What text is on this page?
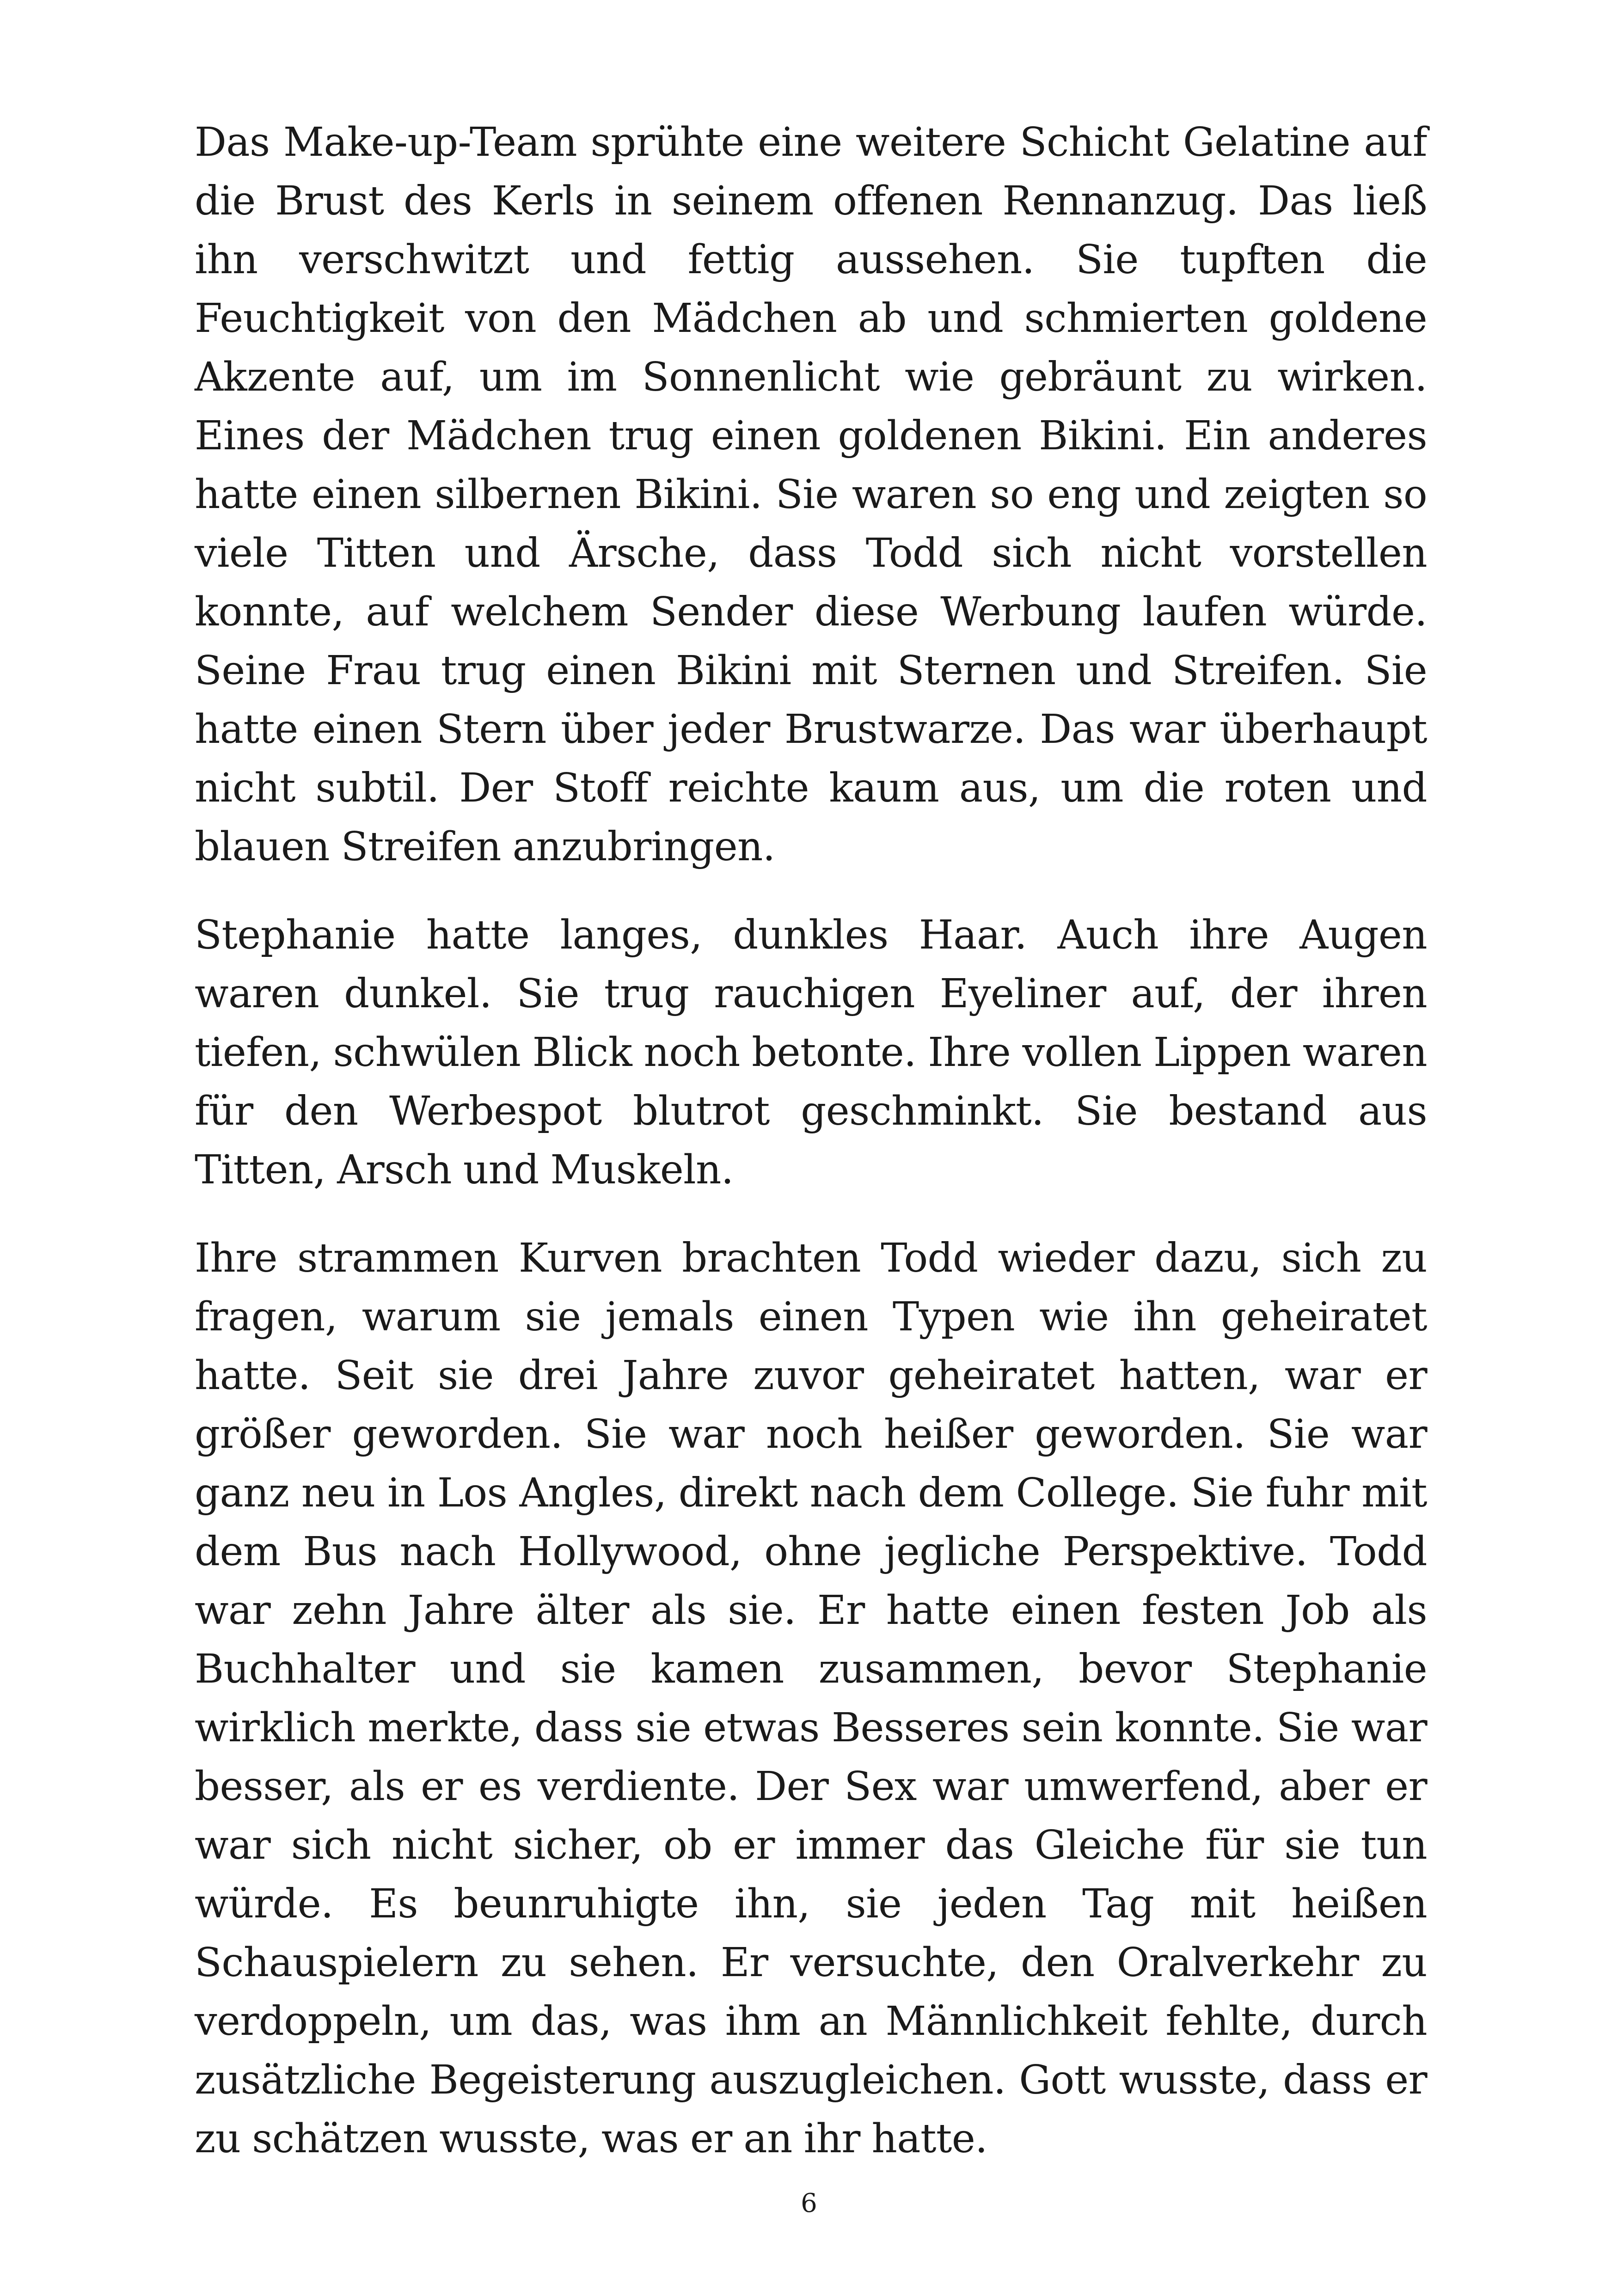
Das Make-up-Team sprühte eine weitere Schicht Gelatine auf die Brust des Kerls in seinem offenen Rennanzug. Das ließ ihn verschwitzt und fettig aussehen. Sie tupften die Feuchtigkeit von den Mädchen ab und schmierten goldene Akzente auf, um im Sonnenlicht wie gebräunt zu wirken. Eines der Mädchen trug einen goldenen Bikini. Ein anderes hatte einen silbernen Bikini. Sie waren so eng und zeigten so viele Titten und Ärsche, dass Todd sich nicht vorstellen konnte, auf welchem Sender diese Werbung laufen würde. Seine Frau trug einen Bikini mit Sternen und Streifen. Sie hatte einen Stern über jeder Brustwarze. Das war überhaupt nicht subtil. Der Stoff reichte kaum aus, um die roten und blauen Streifen anzubringen.

Stephanie hatte langes, dunkles Haar. Auch ihre Augen waren dunkel. Sie trug rauchigen Eyeliner auf, der ihren tiefen, schwülen Blick noch betonte. Ihre vollen Lippen waren für den Werbespot blutrot geschminkt. Sie bestand aus Titten, Arsch und Muskeln.

Ihre strammen Kurven brachten Todd wieder dazu, sich zu fragen, warum sie jemals einen Typen wie ihn geheiratet hatte. Seit sie drei Jahre zuvor geheiratet hatten, war er größer geworden. Sie war noch heißer geworden. Sie war ganz neu in Los Angles, direkt nach dem College. Sie fuhr mit dem Bus nach Hollywood, ohne jegliche Perspektive. Todd war zehn Jahre älter als sie. Er hatte einen festen Job als Buchhalter und sie kamen zusammen, bevor Stephanie wirklich merkte, dass sie etwas Besseres sein konnte. Sie war besser, als er es verdiente. Der Sex war umwerfend, aber er war sich nicht sicher, ob er immer das Gleiche für sie tun würde. Es beunruhigte ihn, sie jeden Tag mit heißen Schauspielern zu sehen. Er versuchte, den Oralverkehr zu verdoppeln, um das, was ihm an Männlichkeit fehlte, durch zusätzliche Begeisterung auszugleichen. Gott wusste, dass er zu schätzen wusste, was er an ihr hatte.

6
